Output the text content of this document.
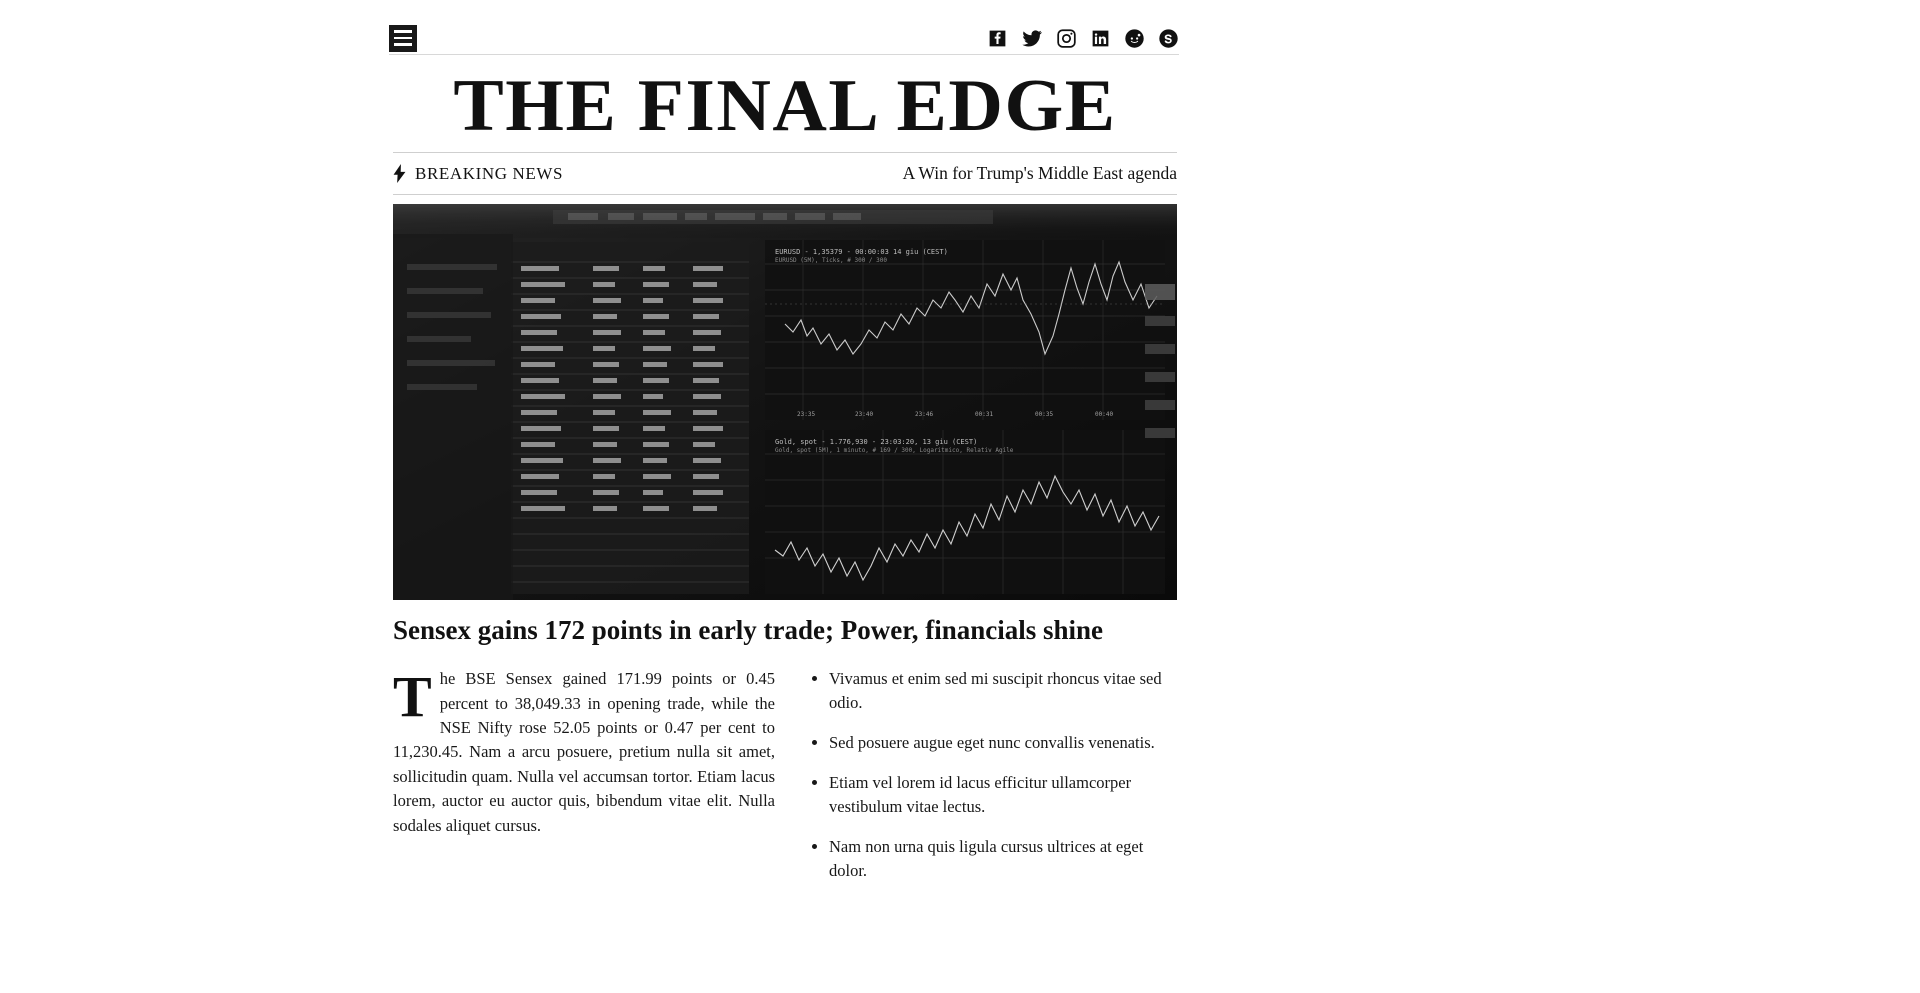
THE FINAL EDGE
BREAKING NEWS	A Win for Trump's Middle East agenda
EURUSD - 1,35379 - 00:00:03 14 giu (CEST)
EURUSD (5M), Ticks, # 300 / 300
23:35	23:40	23:46	00:31	00:35	00:40
Gold, spot - 1.776,930 - 23:03:20, 13 giu (CEST)
Gold, spot (5M), 1 minuto, # 169 / 300, Logaritmico, Relativ Agile
Sensex gains 172 points in early trade; Power, financials shine
T he BSE Sensex gained 171.99 points or 0.45 percent to 38,049.33 in opening trade, while the NSE Nifty rose 52.05 points or 0.47 per cent to 11,230.45. Nam a arcu posuere, pretium nulla sit amet, sollicitudin quam. Nulla vel accumsan tortor. Etiam lacus lorem, auctor eu auctor quis, bibendum vitae elit. Nulla sodales aliquet cursus.
• Vivamus et enim sed mi suscipit rhoncus vitae sed odio.
• Sed posuere augue eget nunc convallis venenatis.
• Etiam vel lorem id lacus efficitur ullamcorper vestibulum vitae lectus.
• Nam non urna quis ligula cursus ultrices at eget dolor.
